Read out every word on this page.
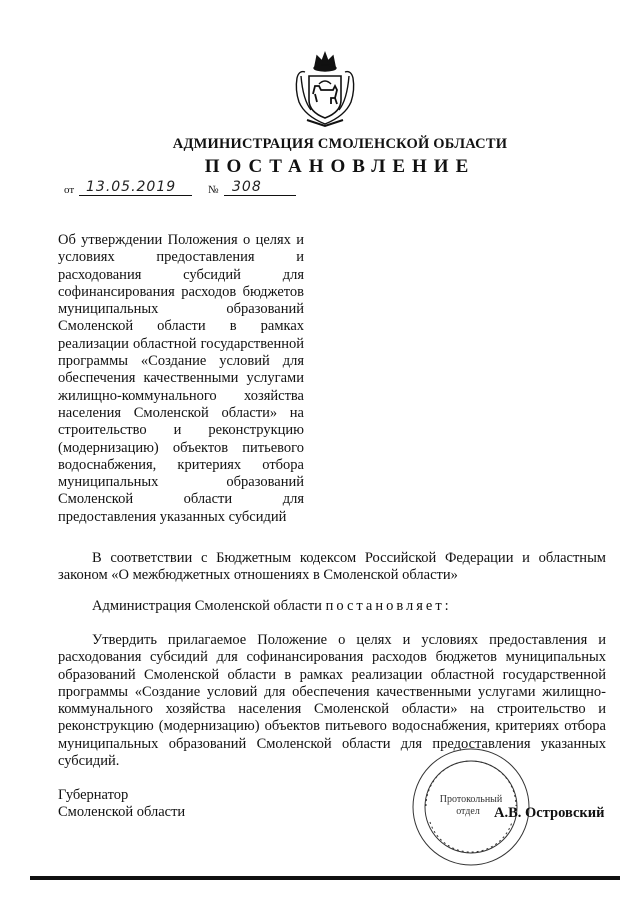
АДМИНИСТРАЦИЯ СМОЛЕНСКОЙ ОБЛАСТИ
ПОСТАНОВЛЕНИЕ
от 13.05.2019	№ 308
Об утверждении Положения о целях и условиях предоставления и расходования субсидий для софинансирования расходов бюджетов муниципальных образований Смоленской области в рамках реализации областной государственной программы «Создание условий для обеспечения качественными услугами жилищно-коммунального хозяйства населения Смоленской области» на строительство и реконструкцию (модернизацию) объектов питьевого водоснабжения, критериях отбора муниципальных образований Смоленской области для предоставления указанных субсидий
В соответствии с Бюджетным кодексом Российской Федерации и областным законом «О межбюджетных отношениях в Смоленской области»
Администрация Смоленской области постановляет:
Утвердить прилагаемое Положение о целях и условиях предоставления и расходования субсидий для софинансирования расходов бюджетов муниципальных образований Смоленской области в рамках реализации областной государственной программы «Создание условий для обеспечения качественными услугами жилищно-коммунального хозяйства населения Смоленской области» на строительство и реконструкцию (модернизацию) объектов питьевого водоснабжения, критериях отбора муниципальных образований Смоленской области для предоставления указанных субсидий.
Губернатор
Смоленской области
Протокольный
отдел А.В. Островский
